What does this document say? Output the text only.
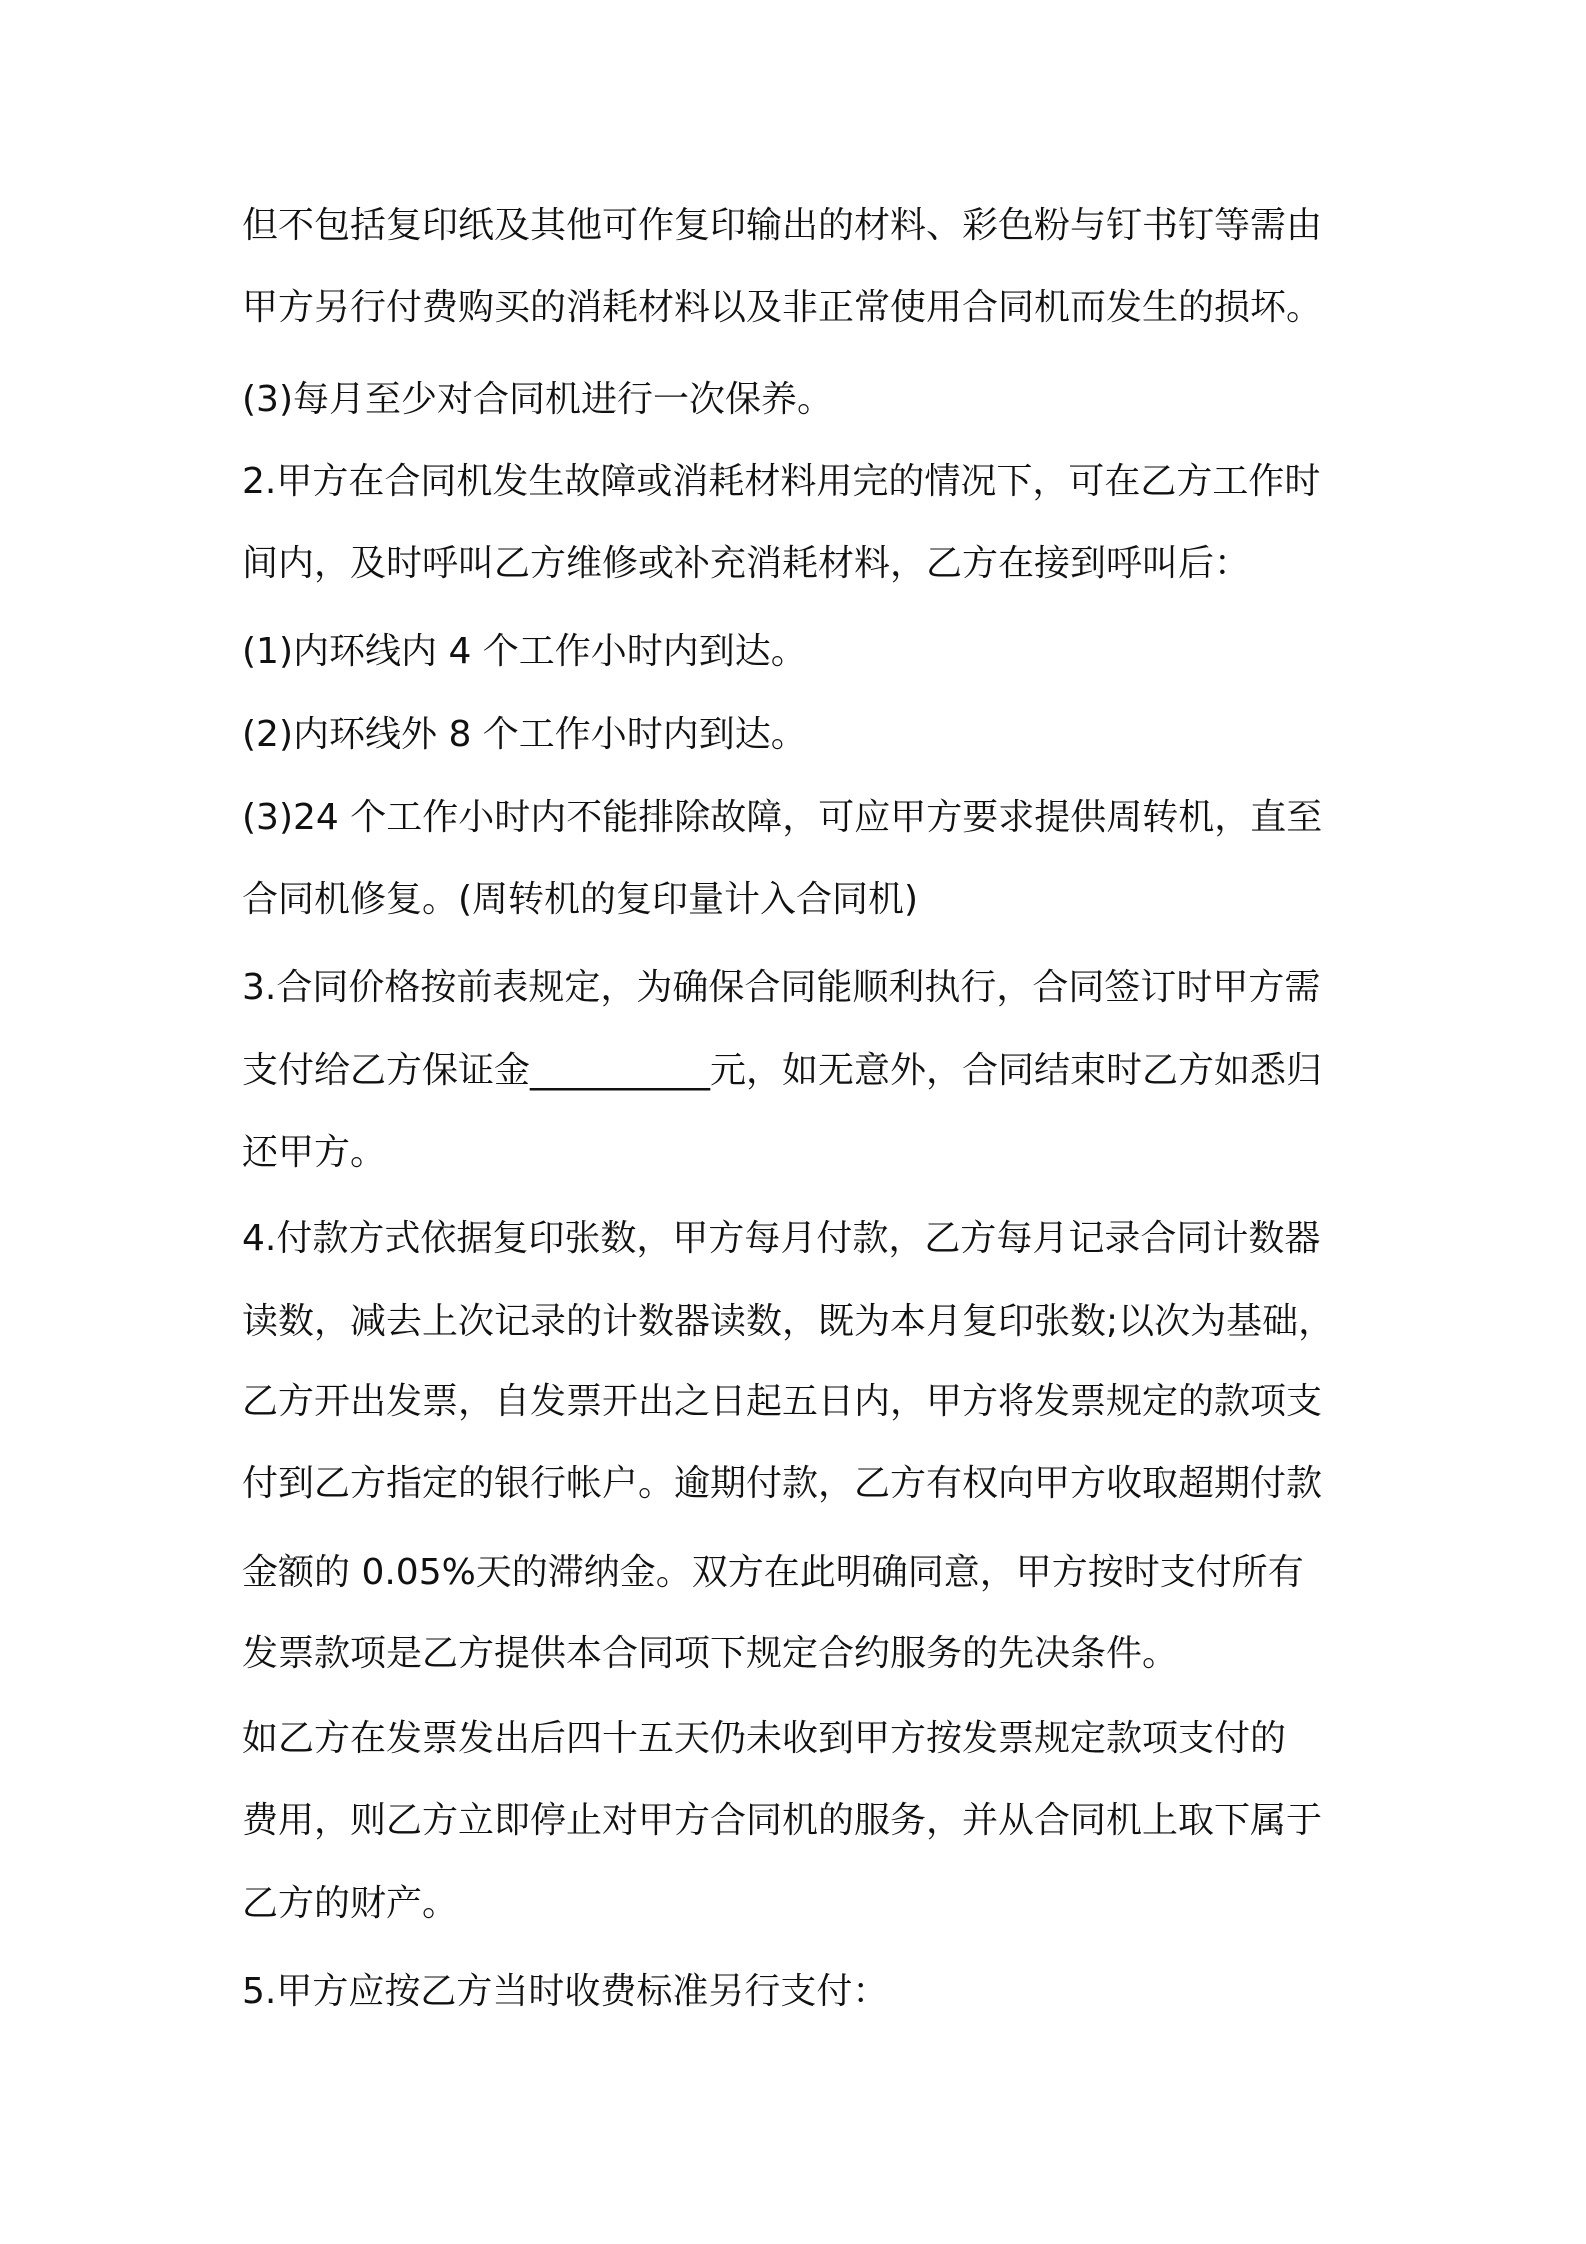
但不包括复印纸及其他可作复印输出的材料、彩色粉与钉书钉等需由

甲方另行付费购买的消耗材料以及非正常使用合同机而发生的损坏。

(3)每月至少对合同机进行一次保养。

2.甲方在合同机发生故障或消耗材料用完的情况下，可在乙方工作时

间内，及时呼叫乙方维修或补充消耗材料，乙方在接到呼叫后：

(1)内环线内 4 个工作小时内到达。

(2)内环线外 8 个工作小时内到达。

(3)24 个工作小时内不能排除故障，可应甲方要求提供周转机，直至

合同机修复。(周转机的复印量计入合同机)

3.合同价格按前表规定，为确保合同能顺利执行，合同签订时甲方需

支付给乙方保证金__________元，如无意外，合同结束时乙方如悉归

还甲方。

4.付款方式依据复印张数，甲方每月付款，乙方每月记录合同计数器

读数，减去上次记录的计数器读数，既为本月复印张数;以次为基础，

乙方开出发票，自发票开出之日起五日内，甲方将发票规定的款项支

付到乙方指定的银行帐户。逾期付款，乙方有权向甲方收取超期付款

金额的 0.05%天的滞纳金。双方在此明确同意，甲方按时支付所有

发票款项是乙方提供本合同项下规定合约服务的先决条件。

如乙方在发票发出后四十五天仍未收到甲方按发票规定款项支付的

费用，则乙方立即停止对甲方合同机的服务，并从合同机上取下属于

乙方的财产。

5.甲方应按乙方当时收费标准另行支付：
